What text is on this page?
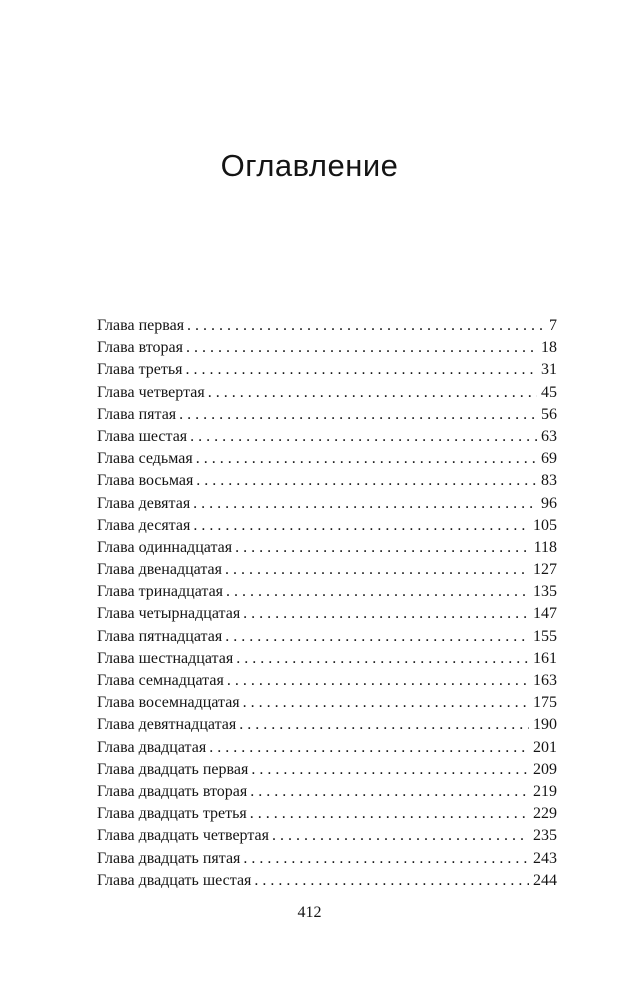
Оглавление
Глава первая . . .	7
Глава вторая . . .	18
Глава третья . . .	31
Глава четвертая . . .	45
Глава пятая . . .	56
Глава шестая . . .	63
Глава седьмая . . .	69
Глава восьмая . . .	83
Глава девятая . . .	96
Глава десятая . . .	105
Глава одиннадцатая . . .	118
Глава двенадцатая . . .	127
Глава тринадцатая . . .	135
Глава четырнадцатая . . .	147
Глава пятнадцатая . . .	155
Глава шестнадцатая . . .	161
Глава семнадцатая . . .	163
Глава восемнадцатая . . .	175
Глава девятнадцатая . . .	190
Глава двадцатая . . .	201
Глава двадцать первая . . .	209
Глава двадцать вторая . . .	219
Глава двадцать третья . . .	229
Глава двадцать четвертая . . .	235
Глава двадцать пятая . . .	243
Глава двадцать шестая . . .	244
412
